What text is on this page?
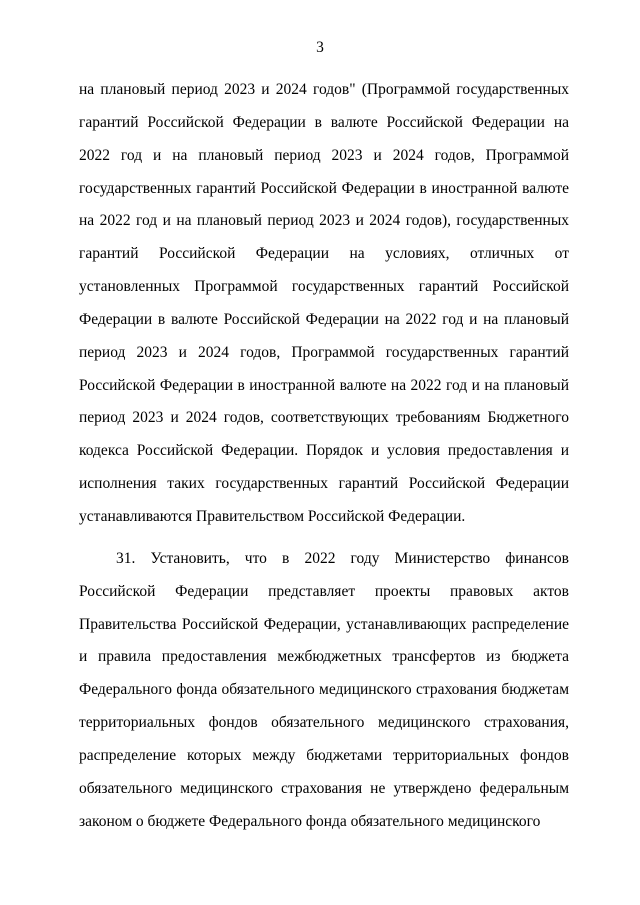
3

на плановый период 2023 и 2024 годов" (Программой государственных гарантий Российской Федерации в валюте Российской Федерации на 2022 год и на плановый период 2023 и 2024 годов, Программой государственных гарантий Российской Федерации в иностранной валюте на 2022 год и на плановый период 2023 и 2024 годов), государственных гарантий Российской Федерации на условиях, отличных от установленных Программой государственных гарантий Российской Федерации в валюте Российской Федерации на 2022 год и на плановый период 2023 и 2024 годов, Программой государственных гарантий Российской Федерации в иностранной валюте на 2022 год и на плановый период 2023 и 2024 годов, соответствующих требованиям Бюджетного кодекса Российской Федерации. Порядок и условия предоставления и исполнения таких государственных гарантий Российской Федерации устанавливаются Правительством Российской Федерации.

31. Установить, что в 2022 году Министерство финансов Российской Федерации представляет проекты правовых актов Правительства Российской Федерации, устанавливающих распределение и правила предоставления межбюджетных трансфертов из бюджета Федерального фонда обязательного медицинского страхования бюджетам территориальных фондов обязательного медицинского страхования, распределение которых между бюджетами территориальных фондов обязательного медицинского страхования не утверждено федеральным законом о бюджете Федерального фонда обязательного медицинского
